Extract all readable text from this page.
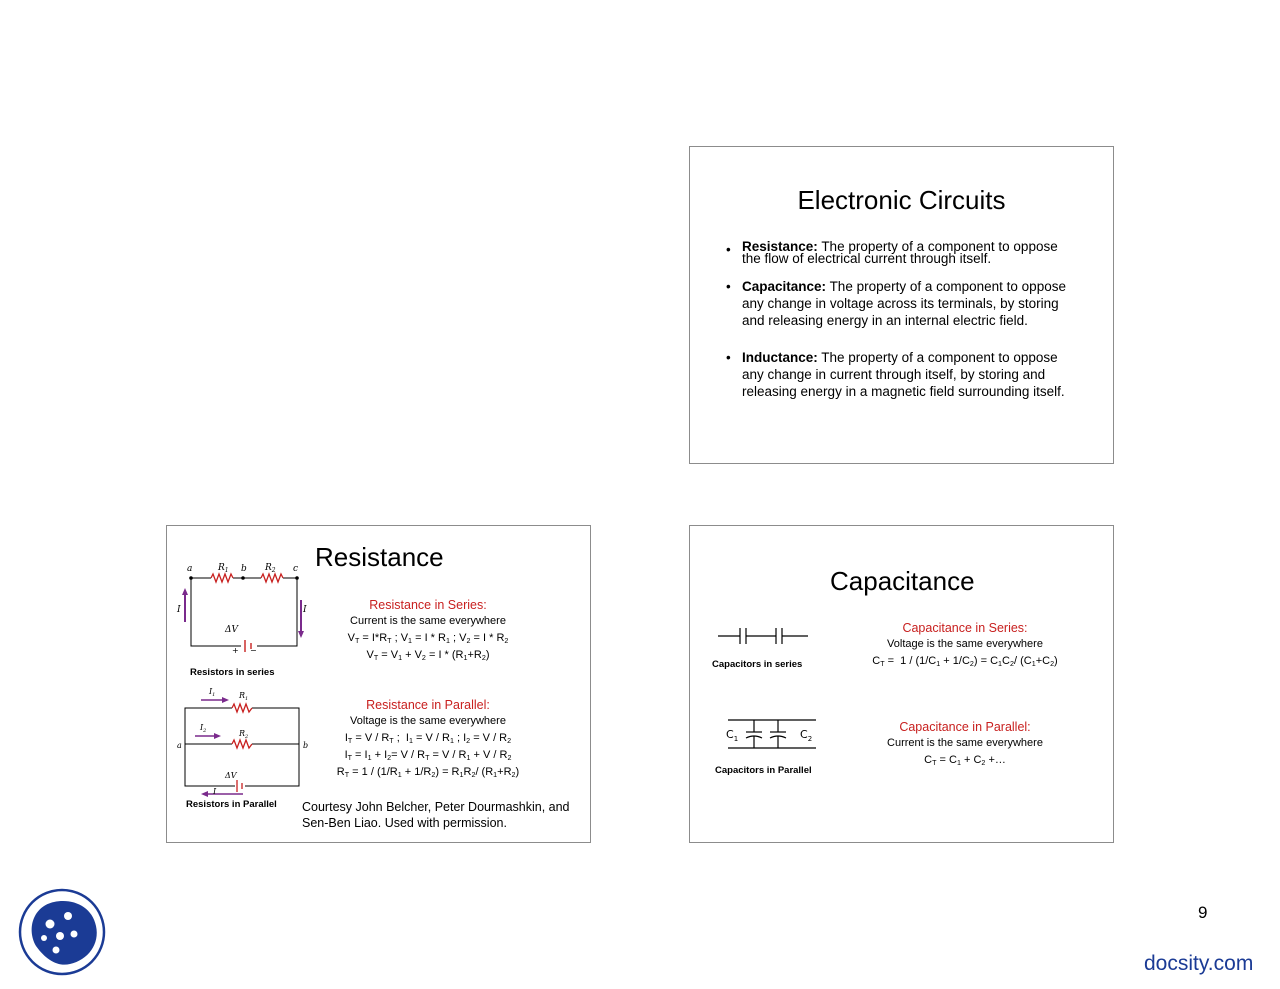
Electronic Circuits
• Resistance: The property of a component to oppose the flow of electrical current through itself.
• Capacitance: The property of a component to oppose any change in voltage across its terminals, by storing and releasing energy in an internal electric field.
• Inductance: The property of a component to oppose any change in current through itself, by storing and releasing energy in a magnetic field surrounding itself.
Resistance
a	b	c
I	I
$R_1$	$R_2$
ΔV
+ −
Resistors in series
$I_1$	$R_1$
$I_2$	$R_2$
a	b
ΔV
I
Resistors in Parallel
Resistance in Series:
Current is the same everywhere
$V_T = I*R_T$ ; $V_1 = I * R_1$ ; $V_2 = I * R_2$
$V_T = V_1 + V_2 = I * (R_1+R_2)$
Resistance in Parallel:
Voltage is the same everywhere
$I_T = V / R_T$ ;  $I_1 = V / R_1$ ; $I_2 = V / R_2$
$I_T = I_1 + I_2= V / R_T = V / R_1 + V / R_2$
$R_T = 1 / (1/R_1 + 1/R_2) = R_1R_2/$ $(R_1+R_2)$
Courtesy John Belcher, Peter Dourmashkin, and Sen-Ben Liao. Used with permission.
Capacitance
Capacitors in series
$C_1$	$C_2$
Capacitors in Parallel
Capacitance in Series:
Voltage is the same everywhere
$C_T = 1 / (1/C_1 + 1/C_2) = C_1C_2/$ $(C_1+C_2)$
Capacitance in Parallel:
Current is the same everywhere
$C_T = C_1 + C_2$ +…
9
docsity.com
